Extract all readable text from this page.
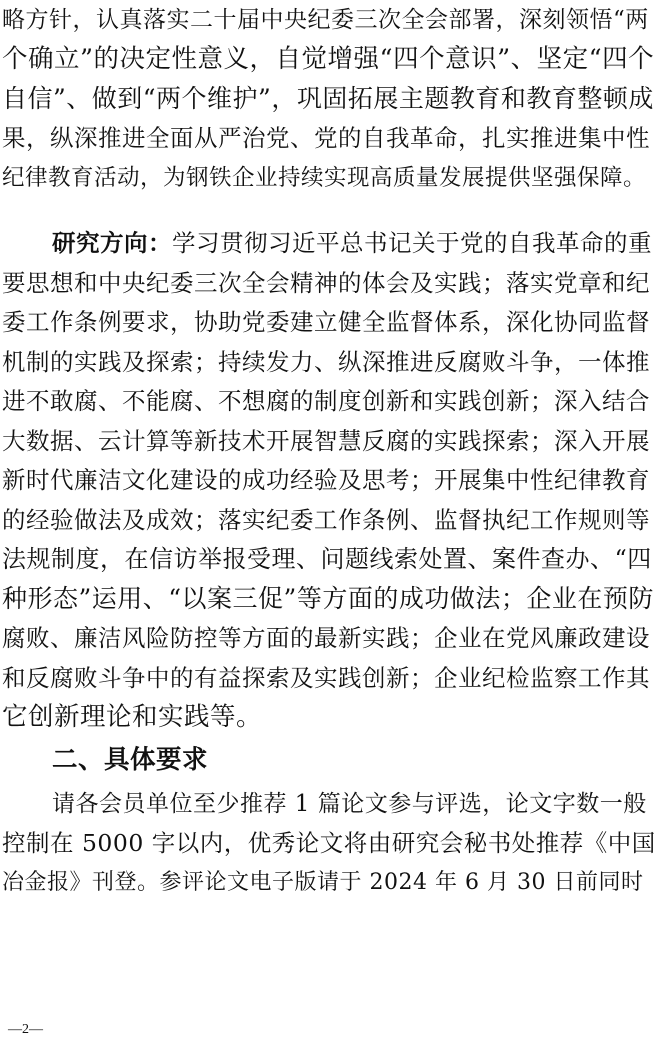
略方针，认真落实二十届中央纪委三次全会部署，深刻领悟“两
个确立”的决定性意义，自觉增强“四个意识”、坚定“四个
自信”、做到“两个维护”，巩固拓展主题教育和教育整顿成
果，纵深推进全面从严治党、党的自我革命，扎实推进集中性
纪律教育活动，为钢铁企业持续实现高质量发展提供坚强保障。
研究方向：学习贯彻习近平总书记关于党的自我革命的重
要思想和中央纪委三次全会精神的体会及实践；落实党章和纪
委工作条例要求，协助党委建立健全监督体系，深化协同监督
机制的实践及探索；持续发力、纵深推进反腐败斗争，一体推
进不敢腐、不能腐、不想腐的制度创新和实践创新；深入结合
大数据、云计算等新技术开展智慧反腐的实践探索；深入开展
新时代廉洁文化建设的成功经验及思考；开展集中性纪律教育
的经验做法及成效；落实纪委工作条例、监督执纪工作规则等
法规制度，在信访举报受理、问题线索处置、案件查办、“四
种形态”运用、“以案三促”等方面的成功做法；企业在预防
腐败、廉洁风险防控等方面的最新实践；企业在党风廉政建设
和反腐败斗争中的有益探索及实践创新；企业纪检监察工作其
它创新理论和实践等。
二、具体要求
请各会员单位至少推荐 1 篇论文参与评选，论文字数一般
控制在 5000 字以内，优秀论文将由研究会秘书处推荐《中国
冶金报》刊登。参评论文电子版请于 2024 年 6 月 30 日前同时
—2—
